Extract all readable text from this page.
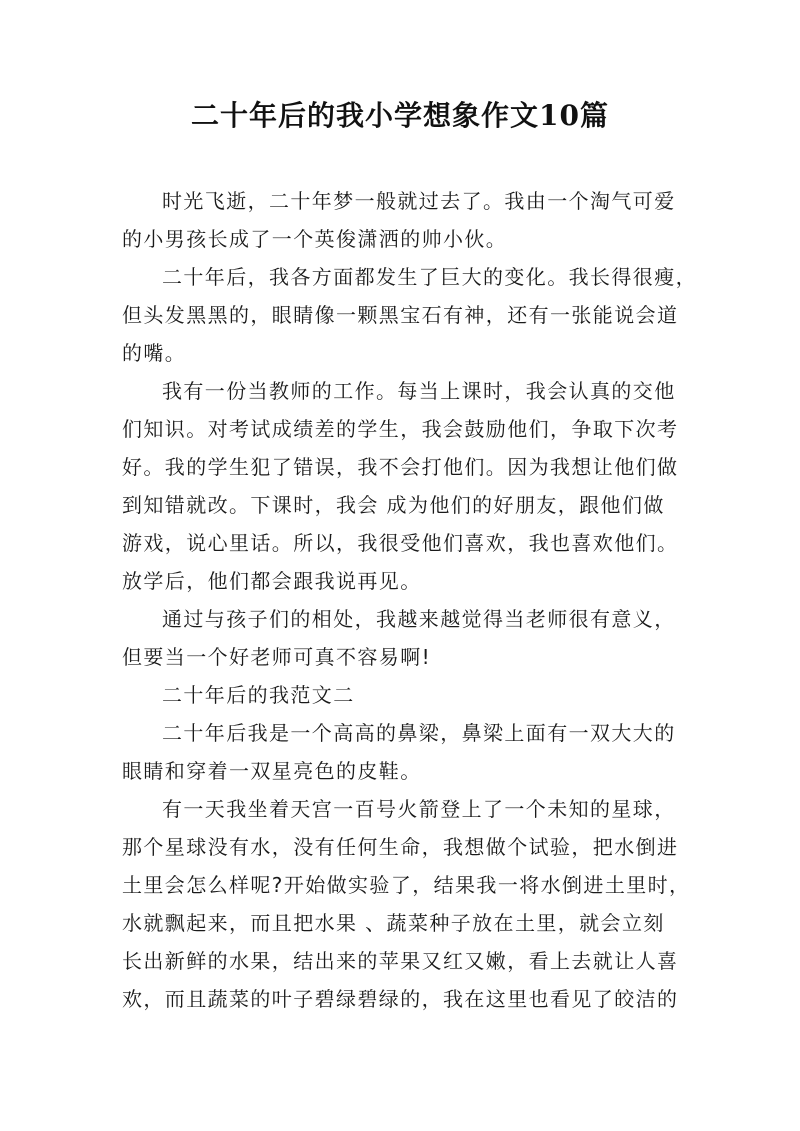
二十年后的我小学想象作文10篇
时光飞逝，二十年梦一般就过去了。我由一个淘气可爱
的小男孩长成了一个英俊潇洒的帅小伙。
二十年后，我各方面都发生了巨大的变化。我长得很瘦，
但头发黑黑的，眼睛像一颗黑宝石有神，还有一张能说会道
的嘴。
我有一份当教师的工作。每当上课时，我会认真的交他
们知识。对考试成绩差的学生，我会鼓励他们，争取下次考
好。我的学生犯了错误，我不会打他们。因为我想让他们做
到知错就改。下课时，我会 成为他们的好朋友，跟他们做
游戏，说心里话。所以，我很受他们喜欢，我也喜欢他们。
放学后，他们都会跟我说再见。
通过与孩子们的相处，我越来越觉得当老师很有意义，
但要当一个好老师可真不容易啊!
二十年后的我范文二
二十年后我是一个高高的鼻梁，鼻梁上面有一双大大的
眼睛和穿着一双星亮色的皮鞋。
有一天我坐着天宫一百号火箭登上了一个未知的星球，
那个星球没有水，没有任何生命，我想做个试验，把水倒进
土里会怎么样呢?开始做实验了，结果我一将水倒进土里时，
水就飘起来，而且把水果 、蔬菜种子放在土里，就会立刻
长出新鲜的水果，结出来的苹果又红又嫩，看上去就让人喜
欢，而且蔬菜的叶子碧绿碧绿的，我在这里也看见了皎洁的
